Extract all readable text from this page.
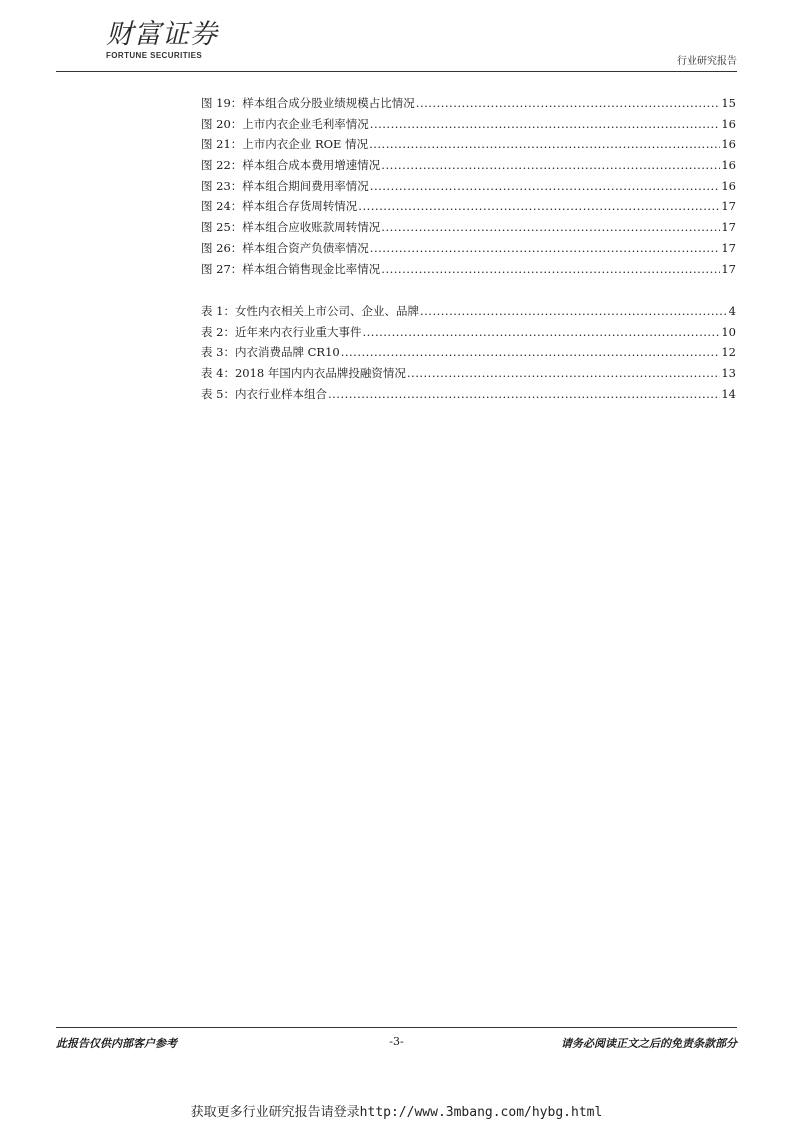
财富证券
FORTUNE SECURITIES
行业研究报告
图 19：样本组合成分股业绩规模占比情况 .....	15
图 20：上市内衣企业毛利率情况 .....	16
图 21：上市内衣企业 ROE 情况 .....	16
图 22：样本组合成本费用增速情况 .....	16
图 23：样本组合期间费用率情况 .....	16
图 24：样本组合存货周转情况 .....	17
图 25：样本组合应收账款周转情况 .....	17
图 26：样本组合资产负债率情况 .....	17
图 27：样本组合销售现金比率情况 .....	17
表 1：女性内衣相关上市公司、企业、品牌 .....	4
表 2：近年来内衣行业重大事件 .....	10
表 3：内衣消费品牌 CR10 .....	12
表 4：2018 年国内内衣品牌投融资情况 .....	13
表 5：内衣行业样本组合 .....	14
此报告仅供内部客户参考	-3-	请务必阅读正文之后的免责条款部分
获取更多行业研究报告请登录http://www.3mbang.com/hybg.html
